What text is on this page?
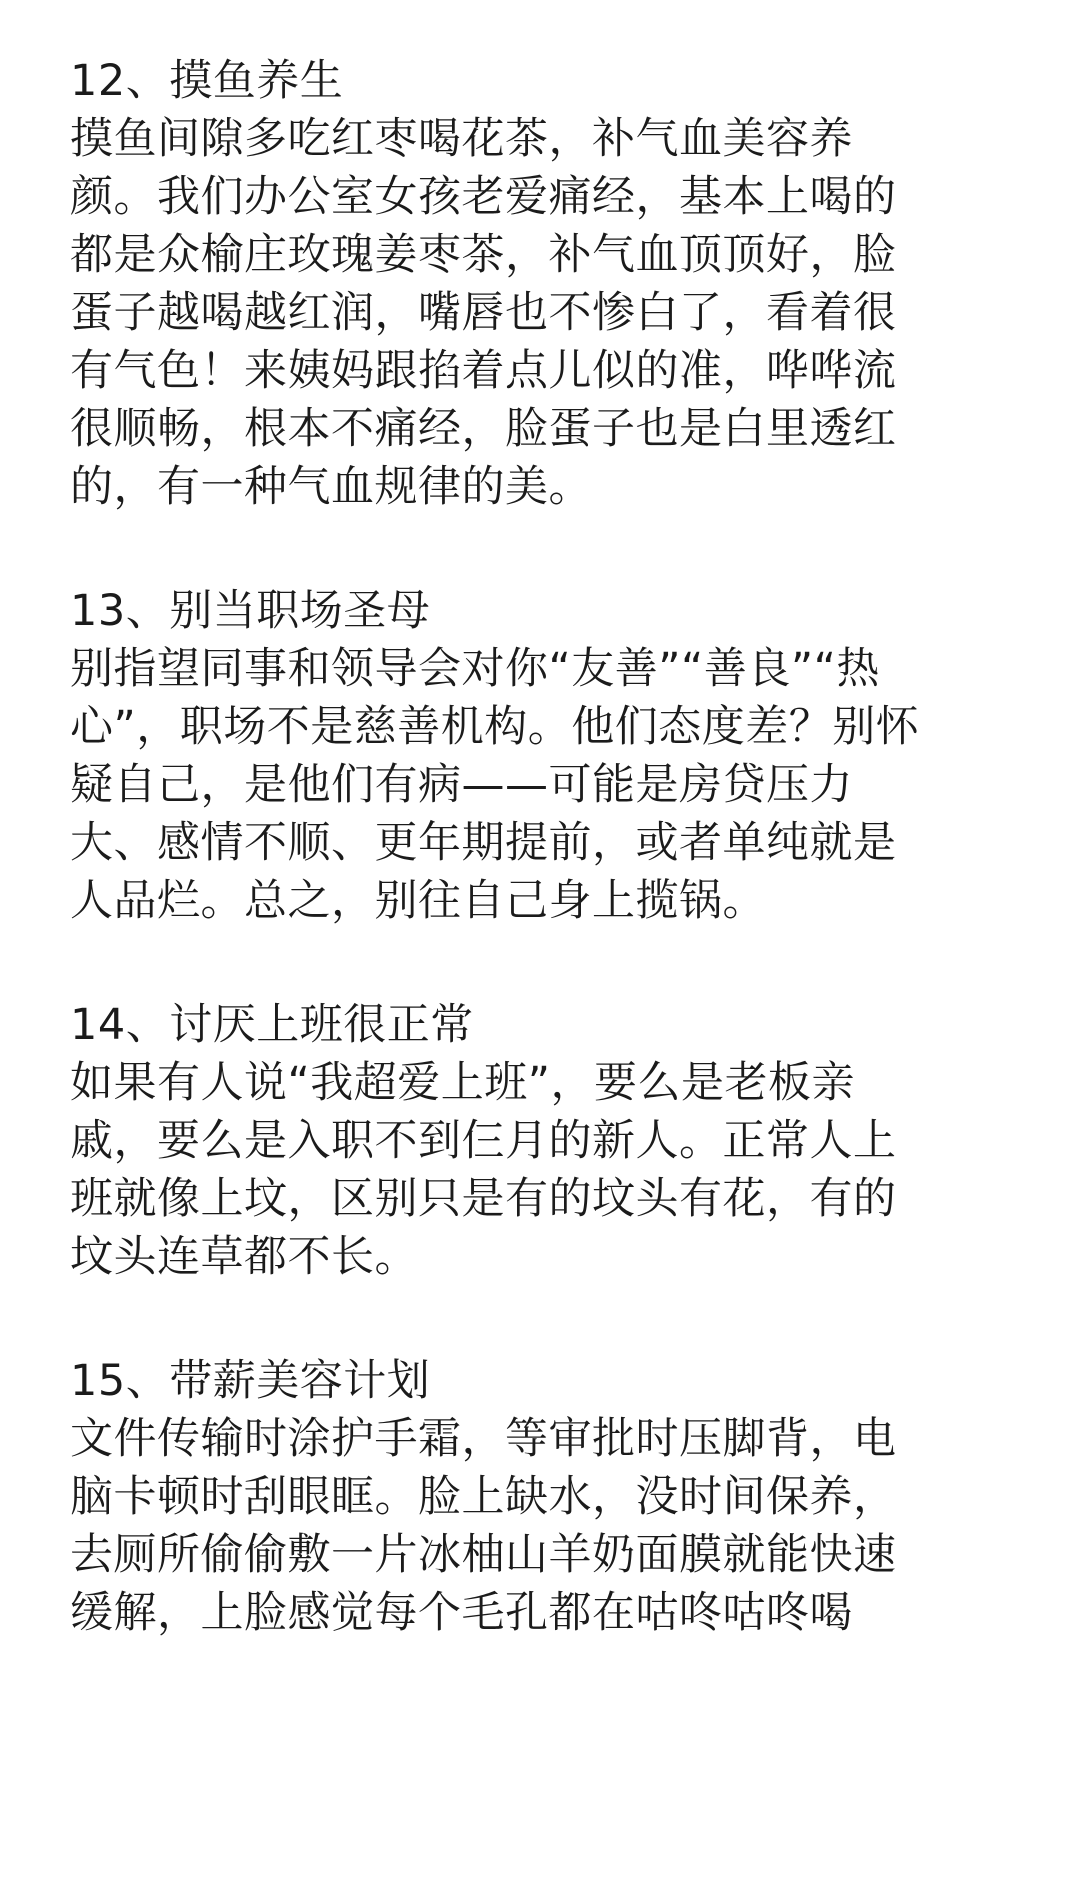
12、摸鱼养生
摸鱼间隙多吃红枣喝花茶，补气血美容养
颜。我们办公室女孩老爱痛经，基本上喝的
都是众榆庄玫瑰姜枣茶，补气血顶顶好，脸
蛋子越喝越红润，嘴唇也不惨白了，看着很
有气色！来姨妈跟掐着点儿似的准，哗哗流
很顺畅，根本不痛经，脸蛋子也是白里透红
的，有一种气血规律的美。
13、别当职场圣母
别指望同事和领导会对你“友善”“善良”“热
心”，职场不是慈善机构。他们态度差？别怀
疑自己，是他们有病——可能是房贷压力
大、感情不顺、更年期提前，或者单纯就是
人品烂。总之，别往自己身上揽锅。
14、讨厌上班很正常
如果有人说“我超爱上班”，要么是老板亲
戚，要么是入职不到仨月的新人。正常人上
班就像上坟，区别只是有的坟头有花，有的
坟头连草都不长。
15、带薪美容计划
文件传输时涂护手霜，等审批时压脚背，电
脑卡顿时刮眼眶。脸上缺水，没时间保养，
去厕所偷偷敷一片冰柚山羊奶面膜就能快速
缓解，上脸感觉每个毛孔都在咕咚咕咚喝
